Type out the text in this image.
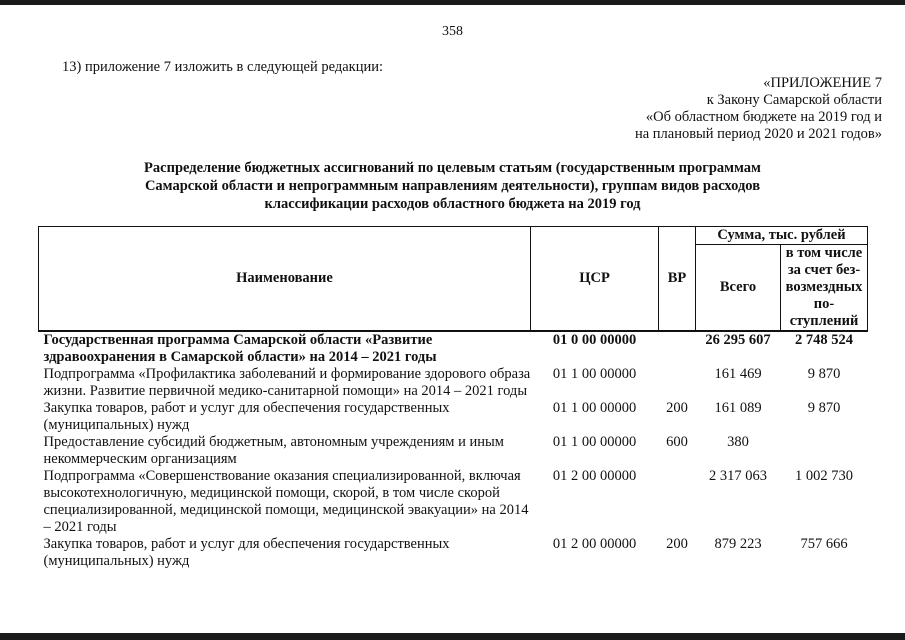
358
13) приложение 7 изложить в следующей редакции:
«ПРИЛОЖЕНИЕ 7
к Закону Самарской области
«Об областном бюджете на 2019 год и
на плановый период 2020 и 2021 годов»
Распределение бюджетных ассигнований по целевым статьям (государственным программам
Самарской области и непрограммным направлениям деятельности), группам видов расходов
классификации расходов областного бюджета на 2019 год
Наименование	ЦСР	ВР	Сумма, тыс. рублей	
			Всего	в том числе за счет без-возмездных по-ступлений
Государственная программа Самарской области «Развитие здравоохранения в Самарской области» на 2014 – 2021 годы	01 0 00 00000		26 295 607	2 748 524
Подпрограмма «Профилактика заболеваний и формирование здорового образа жизни. Развитие первичной медико-санитарной помощи» на 2014 – 2021 годы	01 1 00 00000		161 469	9 870
Закупка товаров, работ и услуг для обеспечения государственных (муниципальных) нужд	01 1 00 00000	200	161 089	9 870
Предоставление субсидий бюджетным, автономным учреждениям и иным некоммерческим организациям	01 1 00 00000	600	380	
Подпрограмма «Совершенствование оказания специализированной, включая высокотехнологичную, медицинской помощи, скорой, в том числе скорой специализированной, медицинской помощи, медицинской эвакуации» на 2014 – 2021 годы	01 2 00 00000		2 317 063	1 002 730
Закупка товаров, работ и услуг для обеспечения государственных (муниципальных) нужд	01 2 00 00000	200	879 223	757 666
